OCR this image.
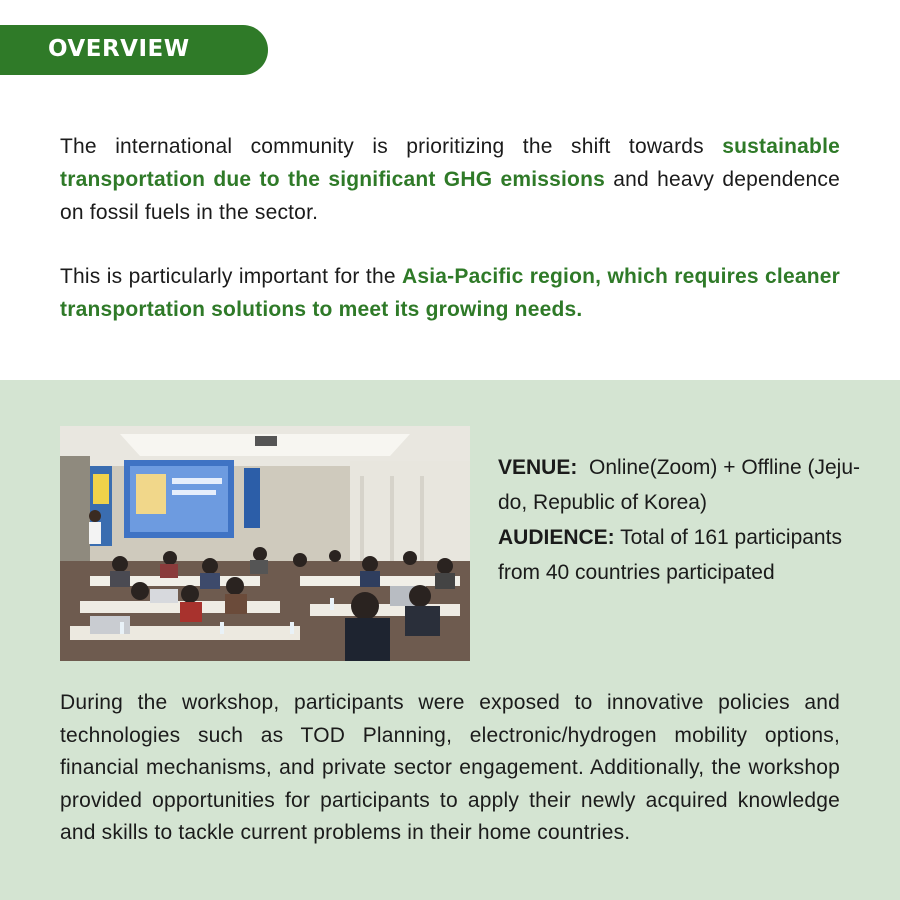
OVERVIEW

The international community is prioritizing the shift towards sustainable transportation due to the significant GHG emissions and heavy dependence on fossil fuels in the sector.

This is particularly important for the Asia-Pacific region, which requires cleaner transportation solutions to meet its growing needs.

VENUE: Online(Zoom) + Offline (Jeju-do, Republic of Korea)
AUDIENCE: Total of 161 participants from 40 countries participated

During the workshop, participants were exposed to innovative policies and technologies such as TOD Planning, electronic/hydrogen mobility options, financial mechanisms, and private sector engagement. Additionally, the workshop provided opportunities for participants to apply their newly acquired knowledge and skills to tackle current problems in their home countries.
